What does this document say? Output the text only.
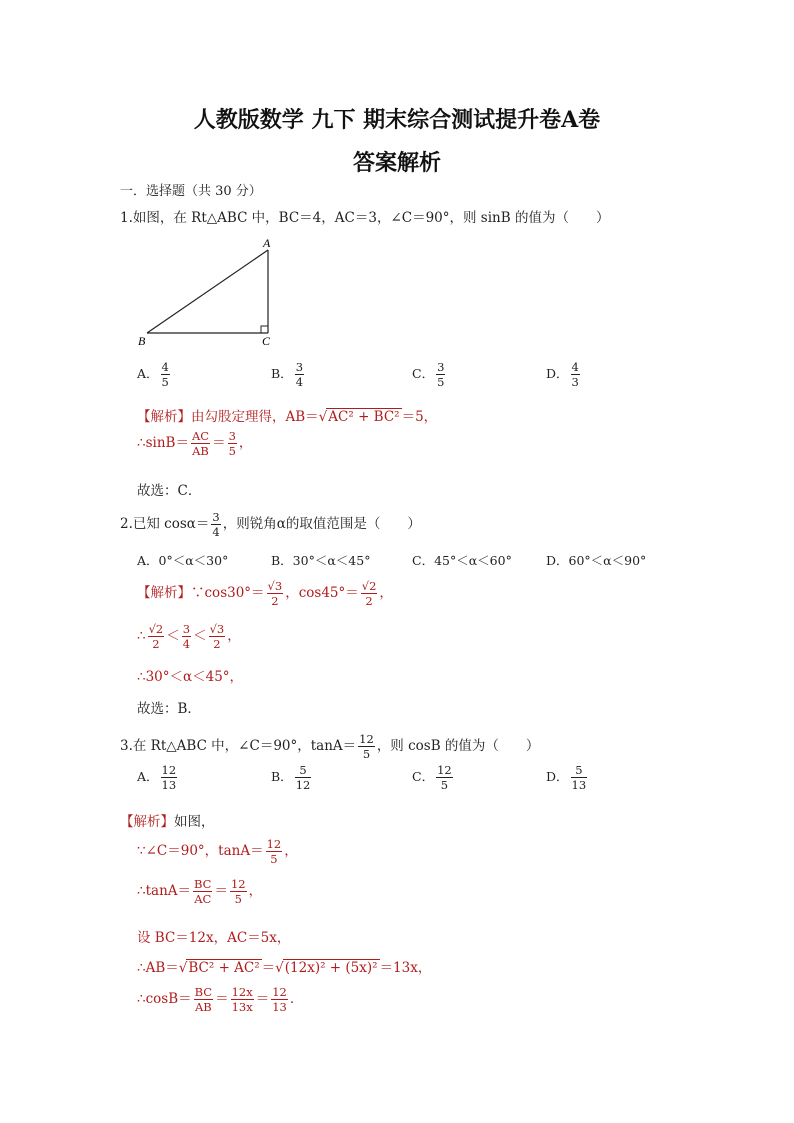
人教版数学 九下 期末综合测试提升卷A卷
答案解析
一．选择题（共 30 分）
1.如图，在 Rt△ABC 中，BC＝4，AC＝3，∠C＝90°，则 sinB 的值为（　　）
A
B	C
A． $\frac{4}{5}$	B． $\frac{3}{4}$	C． $\frac{3}{5}$	D． $\frac{4}{3}$
【解析】由勾股定理得，AB＝√AC² + BC² ＝5，
∴sinB＝ $\frac{AC}{AB} = \frac{3}{5}$ ，
故选：C．
2.已知 $\cos\alpha= \frac{3}{4}$ ，则锐角α的取值范围是（　　）
A．0°＜α＜30°	B．30°＜α＜45°	C．45°＜α＜60°	D．60°＜α＜90°
【解析】∵cos30°＝ $\frac{√3}{2}$ ，$\cos 45^\circ= \frac{√2}{2}$ ，
∴ $\frac{√2}{2} < \frac{3}{4} < \frac{√3}{2}$ ，
∴30°＜α＜45°，
故选：B．
3.在 Rt△ABC 中，∠C＝90°，$\tan A= \frac{12}{5}$ ，则 cosB 的值为（　　）
A． $\frac{12}{13}$	B． $\frac{5}{12}$	C． $\frac{12}{5}$	D． $\frac{5}{13}$
【解析】如图，
∵∠C＝90°，$\tan A= \frac{12}{5}$ ，
∴tanA＝ $\frac{BC}{AC} = \frac{12}{5}$ ，
设 BC＝12x，AC＝5x，
∴AB＝√BC² + AC² ＝√(12x)² + (5x)² ＝13x，
∴cosB＝ $\frac{BC}{AB} = \frac{12x}{13x} = \frac{12}{13}$ ．
